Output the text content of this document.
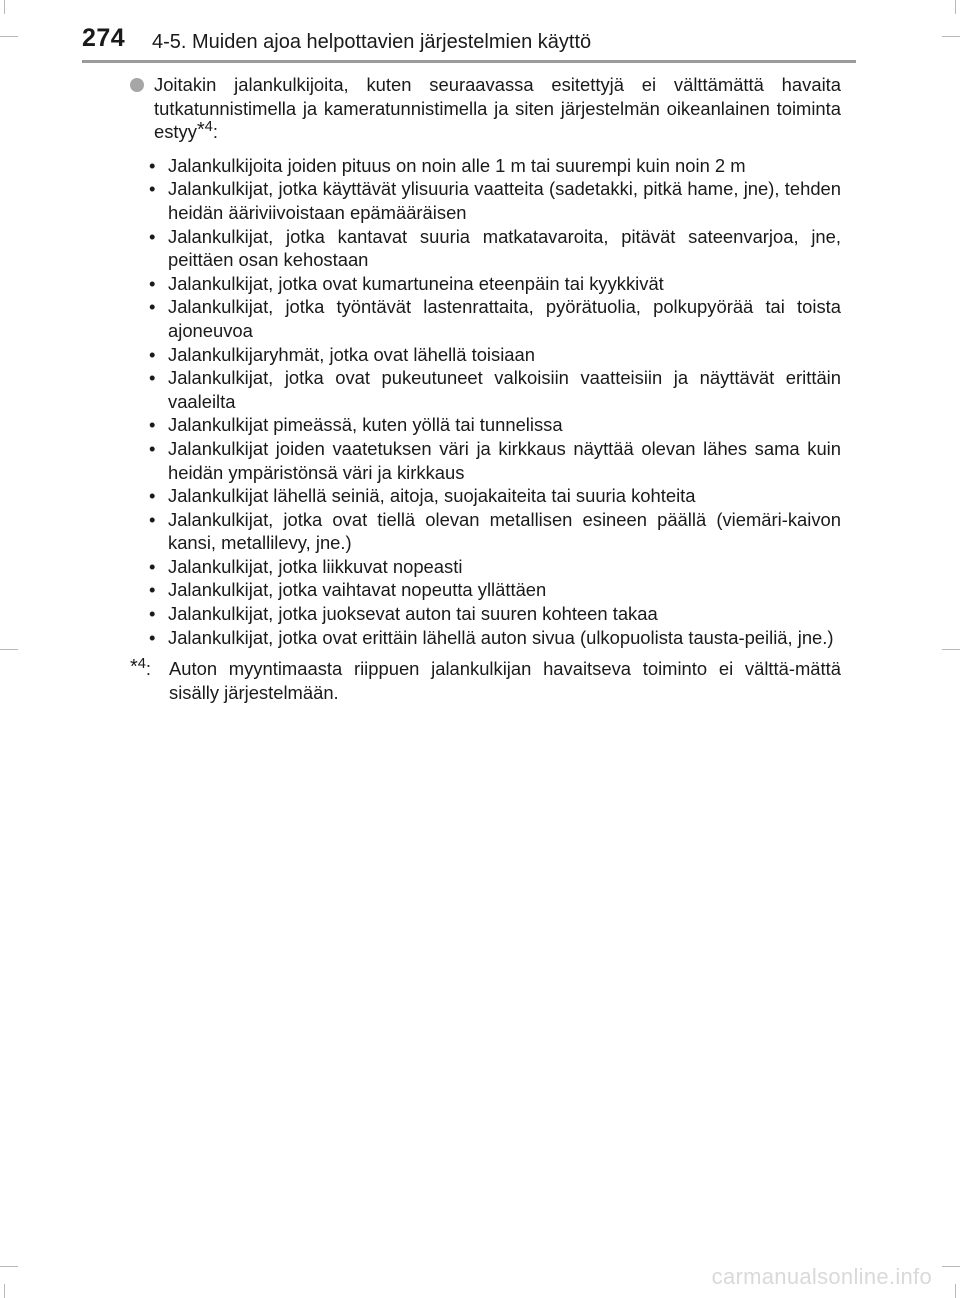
274 4-5. Muiden ajoa helpottavien järjestelmien käyttö

Joitakin jalankulkijoita, kuten seuraavassa esitettyjä ei välttämättä havaita tutkatunnistimella ja kameratunnistimella ja siten järjestelmän oikeanlainen toiminta estyy$^{*4}$:

• Jalankulkijoita joiden pituus on noin alle 1 m tai suurempi kuin noin 2 m
• Jalankulkijat, jotka käyttävät ylisuuria vaatteita (sadetakki, pitkä hame, jne), tehden heidän ääriviivoistaan epämääräisen
• Jalankulkijat, jotka kantavat suuria matkatavaroita, pitävät sateenvarjoa, jne, peittäen osan kehostaan
• Jalankulkijat, jotka ovat kumartuneina eteenpäin tai kyykkivät
• Jalankulkijat, jotka työntävät lastenrattaita, pyörätuolia, polkupyörää tai toista ajoneuvoa
• Jalankulkijaryhmät, jotka ovat lähellä toisiaan
• Jalankulkijat, jotka ovat pukeutuneet valkoisiin vaatteisiin ja näyttävät erittäin vaaleilta
• Jalankulkijat pimeässä, kuten yöllä tai tunnelissa
• Jalankulkijat joiden vaatetuksen väri ja kirkkaus näyttää olevan lähes sama kuin heidän ympäristönsä väri ja kirkkaus
• Jalankulkijat lähellä seiniä, aitoja, suojakaiteita tai suuria kohteita
• Jalankulkijat, jotka ovat tiellä olevan metallisen esineen päällä (viemäri-kaivon kansi, metallilevy, jne.)
• Jalankulkijat, jotka liikkuvat nopeasti
• Jalankulkijat, jotka vaihtavat nopeutta yllättäen
• Jalankulkijat, jotka juoksevat auton tai suuren kohteen takaa
• Jalankulkijat, jotka ovat erittäin lähellä auton sivua (ulkopuolista tausta-peiliä, jne.)

$^{*4}$: Auton myyntimaasta riippuen jalankulkijan havaitseva toiminto ei välttä-mättä sisälly järjestelmään.

carmanualsonline.info
